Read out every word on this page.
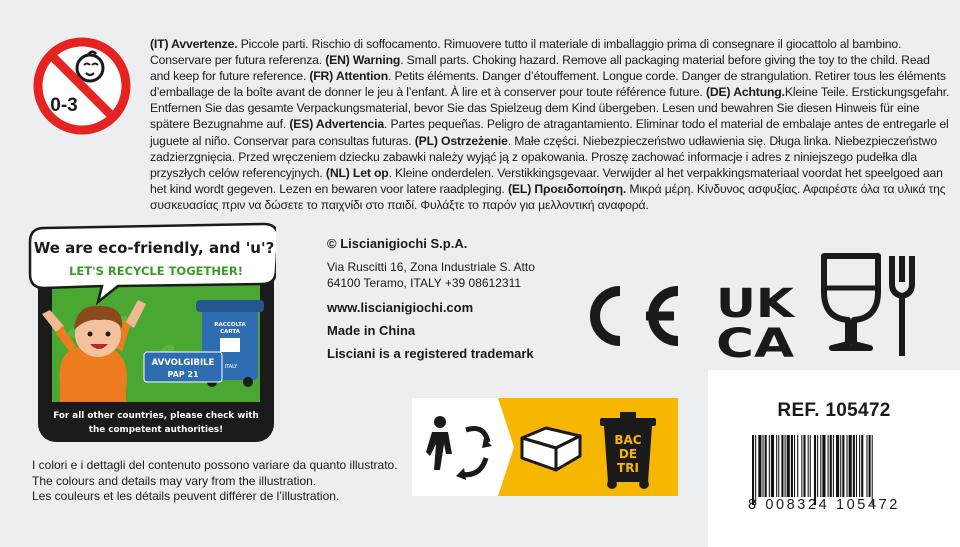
0-3
(IT) Avvertenze. Piccole parti. Rischio di soffocamento. Rimuovere tutto il materiale di imballaggio prima di consegnare il giocattolo al bambino. Conservare per futura referenza. (EN) Warning. Small parts. Choking hazard. Remove all packaging material before giving the toy to the child. Read and keep for future reference. (FR) Attention. Petits éléments. Danger d’étouffement. Longue corde. Danger de strangulation. Retirer tous les éléments d’emballage de la boîte avant de donner le jeu à l’enfant. À lire et à conserver pour toute référence future. (DE) Achtung.Kleine Teile. Erstickungsgefahr. Entfernen Sie das gesamte Verpackungsmaterial, bevor Sie das Spielzeug dem Kind übergeben. Lesen und bewahren Sie diesen Hinweis für eine spätere Bezugnahme auf. (ES) Advertencia. Partes pequeñas. Peligro de atragantamiento. Eliminar todo el material de embalaje antes de entregarle el juguete al niño. Conservar para consultas futuras. (PL) Ostrzeżenie. Małe części. Niebezpieczeństwo udławienia się. Długa linka. Niebezpieczeństwo zadzierzgnięcia. Przed wręczeniem dziecku zabawki należy wyjąć ją z opakowania. Proszę zachować informacje i adres z niniejszego pudełka dla przyszłych celów referencyjnych. (NL) Let op. Kleine onderdelen. Verstikkingsgevaar. Verwijder al het verpakkingsmateriaal voordat het speelgoed aan het kind wordt gegeven. Lezen en bewaren voor latere raadpleging. (EL) Προειδοποίηση. Μικρά μέρη. Κίνδυνος ασφυξίας. Αφαιρέστε όλα τα υλικά της συσκευασίας πριν να δώσετε το παιχνίδι στο παιδί. Φυλάξτε το παρόν για μελλοντική αναφορά.
We are eco-friendly, and 'u'?
LET'S RECYCLE TOGETHER!
RACCOLTA
CARTA
ITALY
AVVOLGIBILE
PAP 21
For all other countries, please check with
the competent authorities!
© Liscianigiochi S.p.A.
Via Ruscitti 16, Zona Industriale S. Atto
64100 Teramo, ITALY +39 08612311
www.liscianigiochi.com
Made in China
Lisciani is a registered trademark
UK
CA
REF. 105472
8 008324 105472
BAC
DE
TRI
I colori e i dettagli del contenuto possono variare da quanto illustrato.
The colours and details may vary from the illustration.
Les couleurs et les détails peuvent différer de l’illustration.
